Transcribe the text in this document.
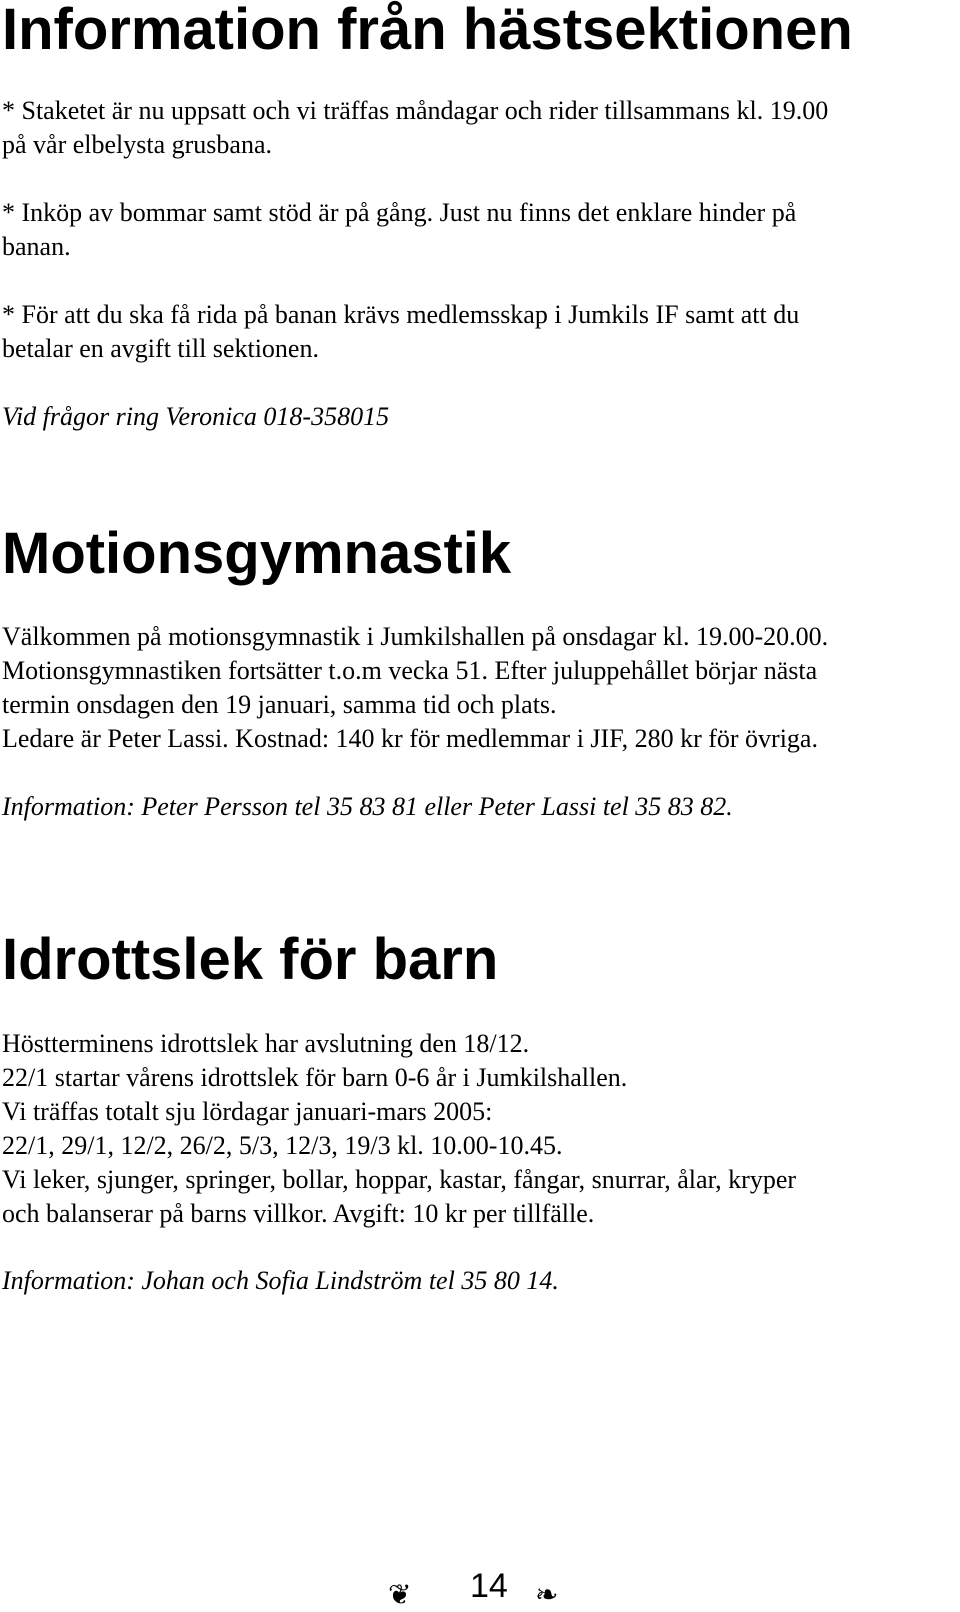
Information från hästsektionen

* Staketet är nu uppsatt och vi träffas måndagar och rider tillsammans kl. 19.00
på vår elbelysta grusbana.

* Inköp av bommar samt stöd är på gång. Just nu finns det enklare hinder på
banan.

* För att du ska få rida på banan krävs medlemsskap i Jumkils IF samt att du
betalar en avgift till sektionen.

Vid frågor ring Veronica 018-358015

Motionsgymnastik

Välkommen på motionsgymnastik i Jumkilshallen på onsdagar kl. 19.00-20.00.
Motionsgymnastiken fortsätter t.o.m vecka 51. Efter juluppehållet börjar nästa
termin onsdagen den 19 januari, samma tid och plats.
Ledare är Peter Lassi. Kostnad: 140 kr för medlemmar i JIF, 280 kr för övriga.

Information: Peter Persson tel 35 83 81 eller Peter Lassi tel 35 83 82.

Idrottslek för barn

Höstterminens idrottslek har avslutning den 18/12.
22/1 startar vårens idrottslek för barn 0-6 år i Jumkilshallen.
Vi träffas totalt sju lördagar januari-mars 2005:
22/1, 29/1, 12/2, 26/2, 5/3, 12/3, 19/3 kl. 10.00-10.45.
Vi leker, sjunger, springer, bollar, hoppar, kastar, fångar, snurrar, ålar, kryper
och balanserar på barns villkor. Avgift: 10 kr per tillfälle.

Information: Johan och Sofia Lindström tel 35 80 14.

❦ 14 ❧
